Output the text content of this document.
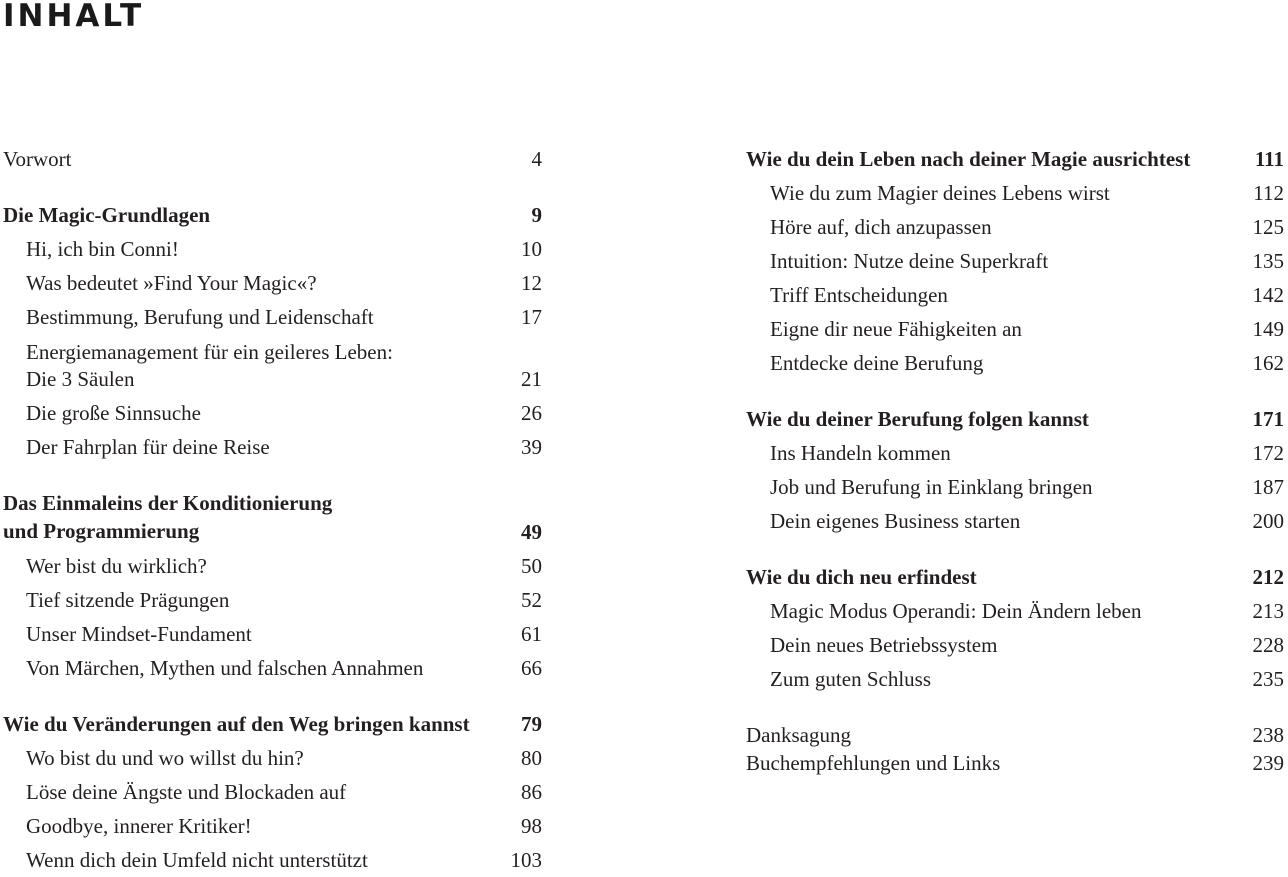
INHALT
Vorwort	4
Die Magic-Grundlagen	9
Hi, ich bin Conni!	10
Was bedeutet »Find Your Magic«?	12
Bestimmung, Berufung und Leidenschaft	17
Energiemanagement für ein geileres Leben:
Die 3 Säulen	21
Die große Sinnsuche	26
Der Fahrplan für deine Reise	39
Das Einmaleins der Konditionierung
und Programmierung	49
Wer bist du wirklich?	50
Tief sitzende Prägungen	52
Unser Mindset-Fundament	61
Von Märchen, Mythen und falschen Annahmen	66
Wie du Veränderungen auf den Weg bringen kannst 79
Wo bist du und wo willst du hin?	80
Löse deine Ängste und Blockaden auf	86
Goodbye, innerer Kritiker!	98
Wenn dich dein Umfeld nicht unterstützt	103
Wie du dein Leben nach deiner Magie ausrichtest	111
Wie du zum Magier deines Lebens wirst	112
Höre auf, dich anzupassen	125
Intuition: Nutze deine Superkraft	135
Triff Entscheidungen	142
Eigne dir neue Fähigkeiten an	149
Entdecke deine Berufung	162
Wie du deiner Berufung folgen kannst	171
Ins Handeln kommen	172
Job und Berufung in Einklang bringen	187
Dein eigenes Business starten	200
Wie du dich neu erfindest	212
Magic Modus Operandi: Dein Ändern leben	213
Dein neues Betriebssystem	228
Zum guten Schluss	235
Danksagung	238
Buchempfehlungen und Links	239
